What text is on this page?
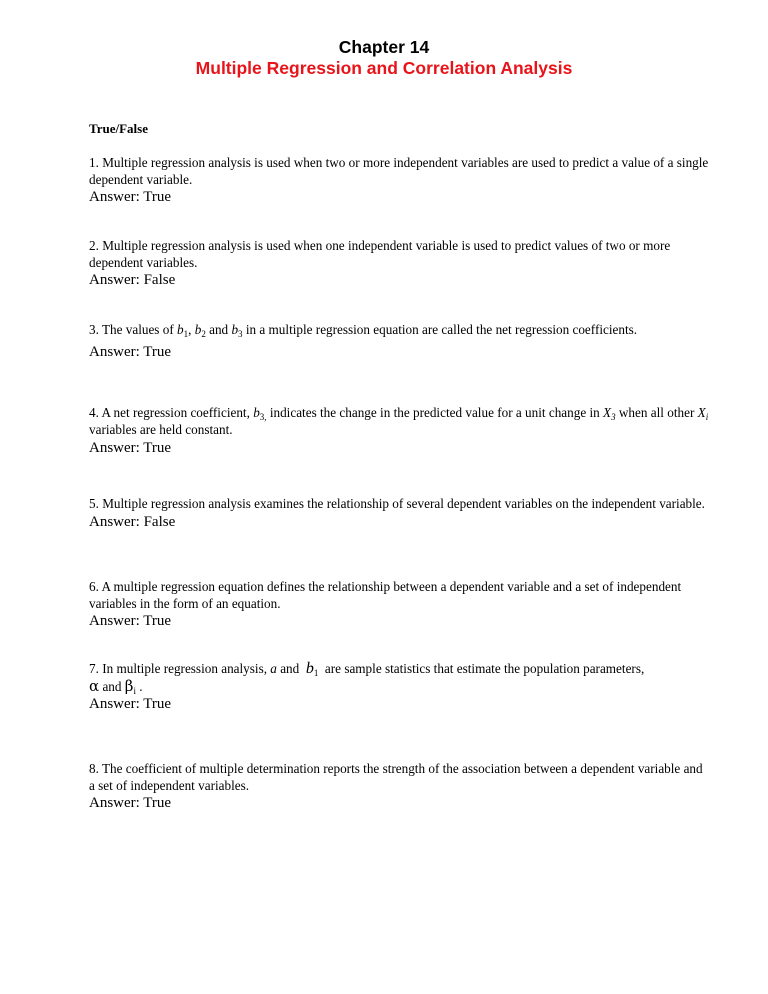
Chapter 14
Multiple Regression and Correlation Analysis
True/False
1. Multiple regression analysis is used when two or more independent variables are used to predict a value of a single dependent variable.
Answer: True
2. Multiple regression analysis is used when one independent variable is used to predict values of two or more dependent variables.
Answer: False
3. The values of $b_1$, $b_2$ and $b_3$ in a multiple regression equation are called the net regression coefficients.
Answer: True
4. A net regression coefficient, $b_{3,}$ indicates the change in the predicted value for a unit change in $X_3$ when all other $X_i$ variables are held constant.
Answer: True
5. Multiple regression analysis examines the relationship of several dependent variables on the independent variable.
Answer: False
6. A multiple regression equation defines the relationship between a dependent variable and a set of independent variables in the form of an equation.
Answer: True
7. In multiple regression analysis, a and  $b_1$  are sample statistics that estimate the population parameters,
α and $\beta_i$ .
Answer: True
8. The coefficient of multiple determination reports the strength of the association between a dependent variable and a set of independent variables.
Answer: True
